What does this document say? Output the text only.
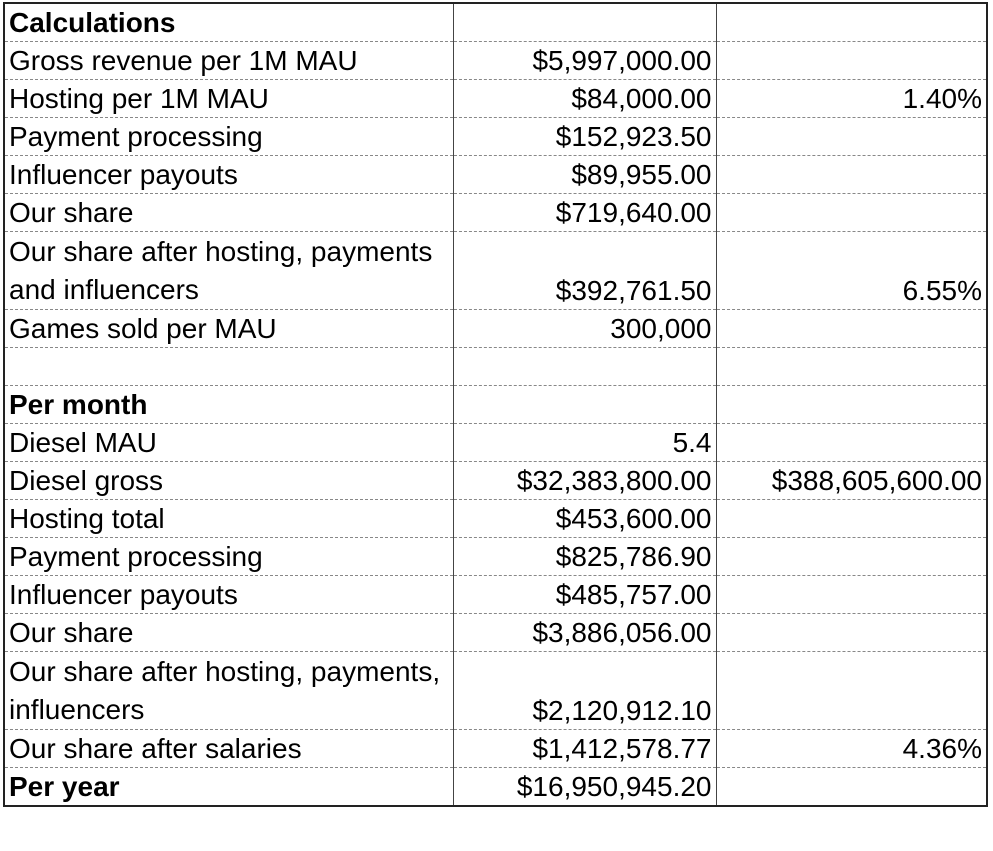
Calculations		
Gross revenue per 1M MAU	$5,997,000.00	
Hosting per 1M MAU	$84,000.00	1.40%
Payment processing	$152,923.50	
Influencer payouts	$89,955.00	
Our share	$719,640.00	
Our share after hosting, payments and influencers	$392,761.50	6.55%
Games sold per MAU	300,000	

Per month		
Diesel MAU	5.4	
Diesel gross	$32,383,800.00	$388,605,600.00
Hosting total	$453,600.00	
Payment processing	$825,786.90	
Influencer payouts	$485,757.00	
Our share	$3,886,056.00	
Our share after hosting, payments, influencers	$2,120,912.10	
Our share after salaries	$1,412,578.77	4.36%
Per year	$16,950,945.20	
